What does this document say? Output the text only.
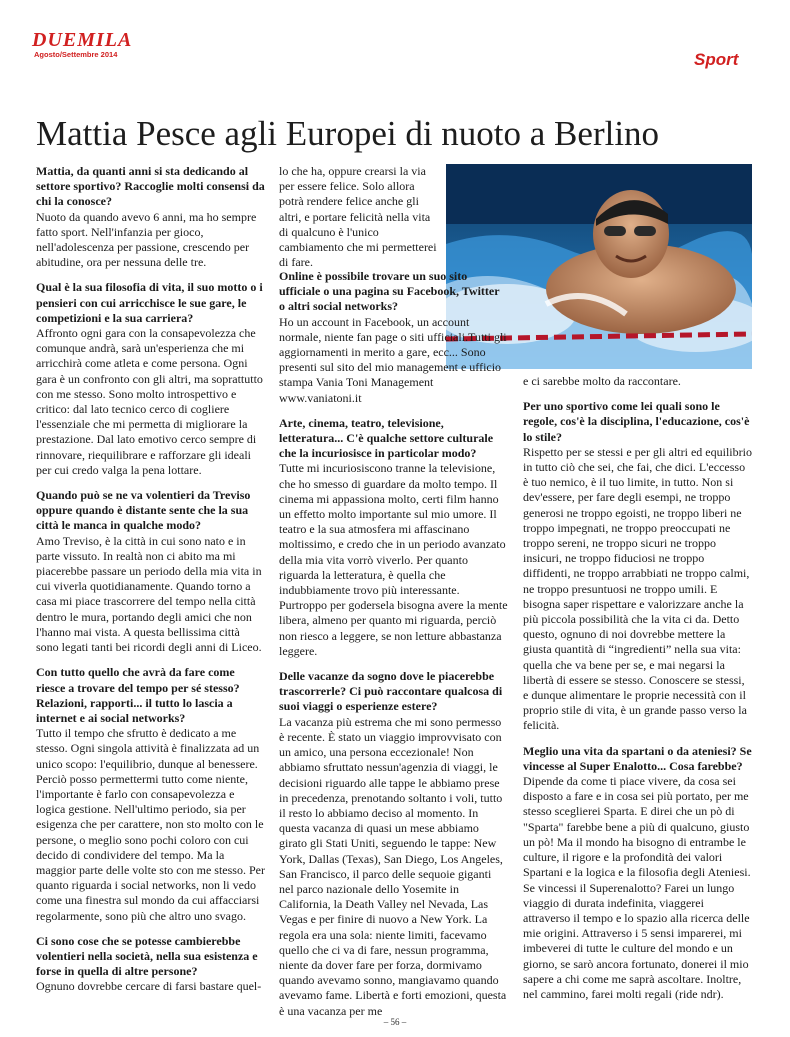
DUEMILA
Agosto/Settembre 2014	Sport
Mattia Pesce agli Europei di nuoto a Berlino

Mattia, da quanti anni si sta dedicando al settore sportivo? Raccoglie molti consensi da chi la conosce?

Nuoto da quando avevo 6 anni, ma ho sempre fatto sport. Nell'infanzia per gioco, nell'adolescenza per passione, crescendo per abitudine, ora per nessuna delle tre.

Qual è la sua filosofia di vita, il suo motto o i pensieri con cui arricchisce le sue gare, le competizioni e la sua carriera?

Affronto ogni gara con la consapevolezza che comunque andrà, sarà un'esperienza che mi arricchirà come atleta e come persona. Ogni gara è un confronto con gli altri, ma soprattutto con me stesso. Sono molto introspettivo e critico: dal lato tecnico cerco di cogliere l'essenziale che mi permetta di migliorare la prestazione. Dal lato emotivo cerco sempre di rinnovare, riequilibrare e rafforzare gli ideali per cui credo valga la pena lottare.

Quando può se ne va volentieri da Treviso oppure quando è distante sente che la sua città le manca in qualche modo?

Amo Treviso, è la città in cui sono nato e in parte vissuto. In realtà non ci abito ma mi piacerebbe passare un periodo della mia vita in cui viverla quotidianamente. Quando torno a casa mi piace trascorrere del tempo nella città dentro le mura, portando degli amici che non l'hanno mai vista. A questa bellissima città sono legati tanti bei ricordi degli anni di Liceo.

Con tutto quello che avrà da fare come riesce a trovare del tempo per sé stesso? Relazioni, rapporti... il tutto lo lascia a internet e ai social networks?

Tutto il tempo che sfrutto è dedicato a me stesso. Ogni singola attività è finalizzata ad un unico scopo: l'equilibrio, dunque al benessere. Perciò posso permettermi tutto come niente, l'importante è farlo con consapevolezza e logica gestione. Nell'ultimo periodo, sia per esigenza che per carattere, non sto molto con le persone, o meglio sono pochi coloro con cui decido di condividere del tempo. Ma la maggior parte delle volte sto con me stesso. Per quanto riguarda i social networks, non li vedo come una finestra sul mondo da cui affacciarsi regolarmente, sono più che altro uno svago.

Ci sono cose che se potesse cambierebbe volentieri nella società, nella sua esistenza e forse in quella di altre persone?

Ognuno dovrebbe cercare di farsi bastare quel-

lo che ha, oppure crearsi la via per essere felice. Solo allora potrà rendere felice anche gli altri, e portare felicità nella vita di qualcuno è l'unico cambiamento che mi permetterei di fare.

Online è possibile trovare un suo sito ufficiale o una pagina su Facebook, Twitter o altri social networks?

Ho un account in Facebook, un account normale, niente fan page o siti ufficiali.Tutti gli aggiornamenti in merito a gare, ecc... Sono presenti sul sito del mio management e ufficio stampa Vania Toni Management www.vaniatoni.it

Arte, cinema, teatro, televisione, letteratura... C'è qualche settore culturale che la incuriosisce in particolar modo?

Tutte mi incuriosiscono tranne la televisione, che ho smesso di guardare da molto tempo. Il cinema mi appassiona molto, certi film hanno un effetto molto importante sul mio umore. Il teatro e la sua atmosfera mi affascinano moltissimo, e credo che in un periodo avanzato della mia vita vorrò viverlo. Per quanto riguarda la letteratura, è quella che indubbiamente trovo più interessante. Purtroppo per godersela bisogna avere la mente libera, almeno per quanto mi riguarda, perciò non riesco a leggere, se non letture abbastanza leggere.

Delle vacanze da sogno dove le piacerebbe trascorrerle? Ci può raccontare qualcosa di suoi viaggi o esperienze estere?

La vacanza più estrema che mi sono permesso è recente. È stato un viaggio improvvisato con un amico, una persona eccezionale! Non abbiamo sfruttato nessun'agenzia di viaggi, le decisioni riguardo alle tappe le abbiamo prese in precedenza, prenotando soltanto i voli, tutto il resto lo abbiamo deciso al momento. In questa vacanza di quasi un mese abbiamo girato gli Stati Uniti, seguendo le tappe: New York, Dallas (Texas), San Diego, Los Angeles, San Francisco, il parco delle sequoie giganti nel parco nazionale dello Yosemite in California, la Death Valley nel Nevada, Las Vegas e per finire di nuovo a New York. La regola era una sola: niente limiti, facevamo quello che ci va di fare, nessun programma, niente da dover fare per forza, dormivamo quando avevamo sonno, mangiavamo quando avevamo fame. Libertà e forti emozioni, questa è una vacanza per me

e ci sarebbe molto da raccontare.

Per uno sportivo come lei quali sono le regole, cos'è la disciplina, l'educazione, cos'è lo stile?

Rispetto per se stessi e per gli altri ed equilibrio in tutto ciò che sei, che fai, che dici. L'eccesso è tuo nemico, è il tuo limite, in tutto. Non si dev'essere, per fare degli esempi, ne troppo generosi ne troppo egoisti, ne troppo liberi ne troppo impegnati, ne troppo preoccupati ne troppo sereni, ne troppo sicuri ne troppo insicuri, ne troppo fiduciosi ne troppo diffidenti, ne troppo arrabbiati ne troppo calmi, ne troppo presuntuosi ne troppo umili. E bisogna saper rispettare e valorizzare anche la più piccola possibilità che la vita ci da. Detto questo, ognuno di noi dovrebbe mettere la giusta quantità di “ingredienti” nella sua vita: quella che va bene per se, e mai negarsi la libertà di essere se stesso. Conoscere se stessi, e dunque alimentare le proprie necessità con il proprio stile di vita, è un grande passo verso la felicità.

Meglio una vita da spartani o da ateniesi? Se vincesse al Super Enalotto... Cosa farebbe?

Dipende da come ti piace vivere, da cosa sei disposto a fare e in cosa sei più portato, per me stesso sceglierei Sparta. E direi che un pò di "Sparta" farebbe bene a più di qualcuno, giusto un pò! Ma il mondo ha bisogno di entrambe le culture, il rigore e la profondità dei valori Spartani e la logica e la filosofia degli Ateniesi. Se vincessi il Superenalotto? Farei un lungo viaggio di durata indefinita, viaggerei attraverso il tempo e lo spazio alla ricerca delle mie origini. Attraverso i 5 sensi imparerei, mi imbeverei di tutte le culture del mondo e un giorno, se sarò ancora fortunato, donerei il mio sapere a chi come me saprà ascoltare. Inoltre, nel cammino, farei molti regali (ride ndr).

– 56 –
